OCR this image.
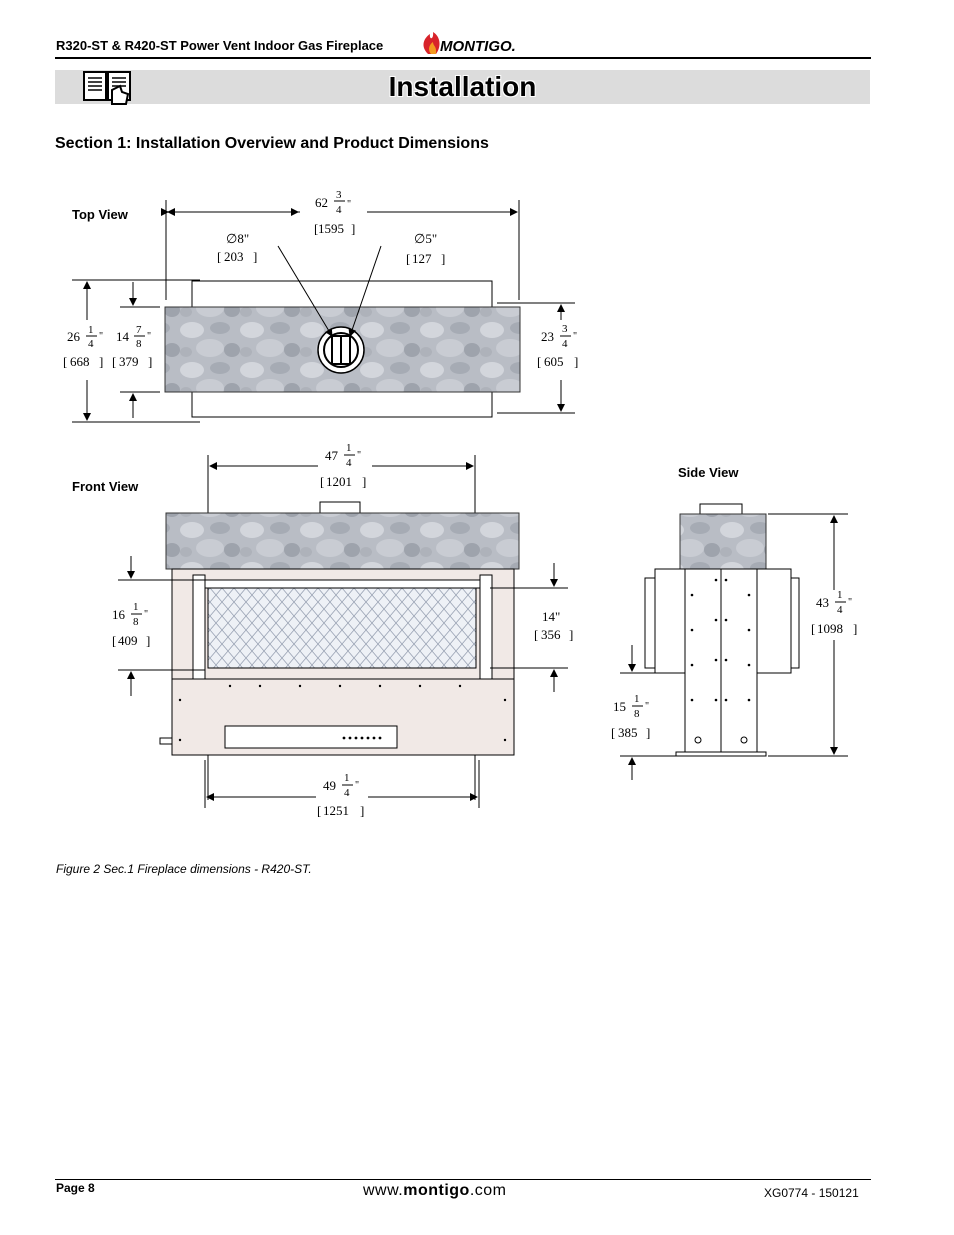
R320-ST & R420-ST Power Vent Indoor Gas Fireplace	MONTIGO.
Installation
Section 1: Installation Overview and Product Dimensions
Top View
Front View
Side View
62 3
4 "
[ 1595 ]
∅8"
[ 203 ]
∅5"
[ 127 ]
26 1
4
"
[ 668 ]
14 7
8
"
[ 379 ]
23 3
4
"
[ 605 ]
47 1
4
"
[ 1201 ]
16 1
8
"
[ 409 ]
14"
[ 356 ]
49 1
4
"
[ 1251 ]
43 1
4
"
[ 1098 ]
15 1
8
"
[ 385 ]
Figure 2 Sec.1 Fireplace dimensions - R420-ST.
Page 8	www.montigo.com	XG0774 - 150121
